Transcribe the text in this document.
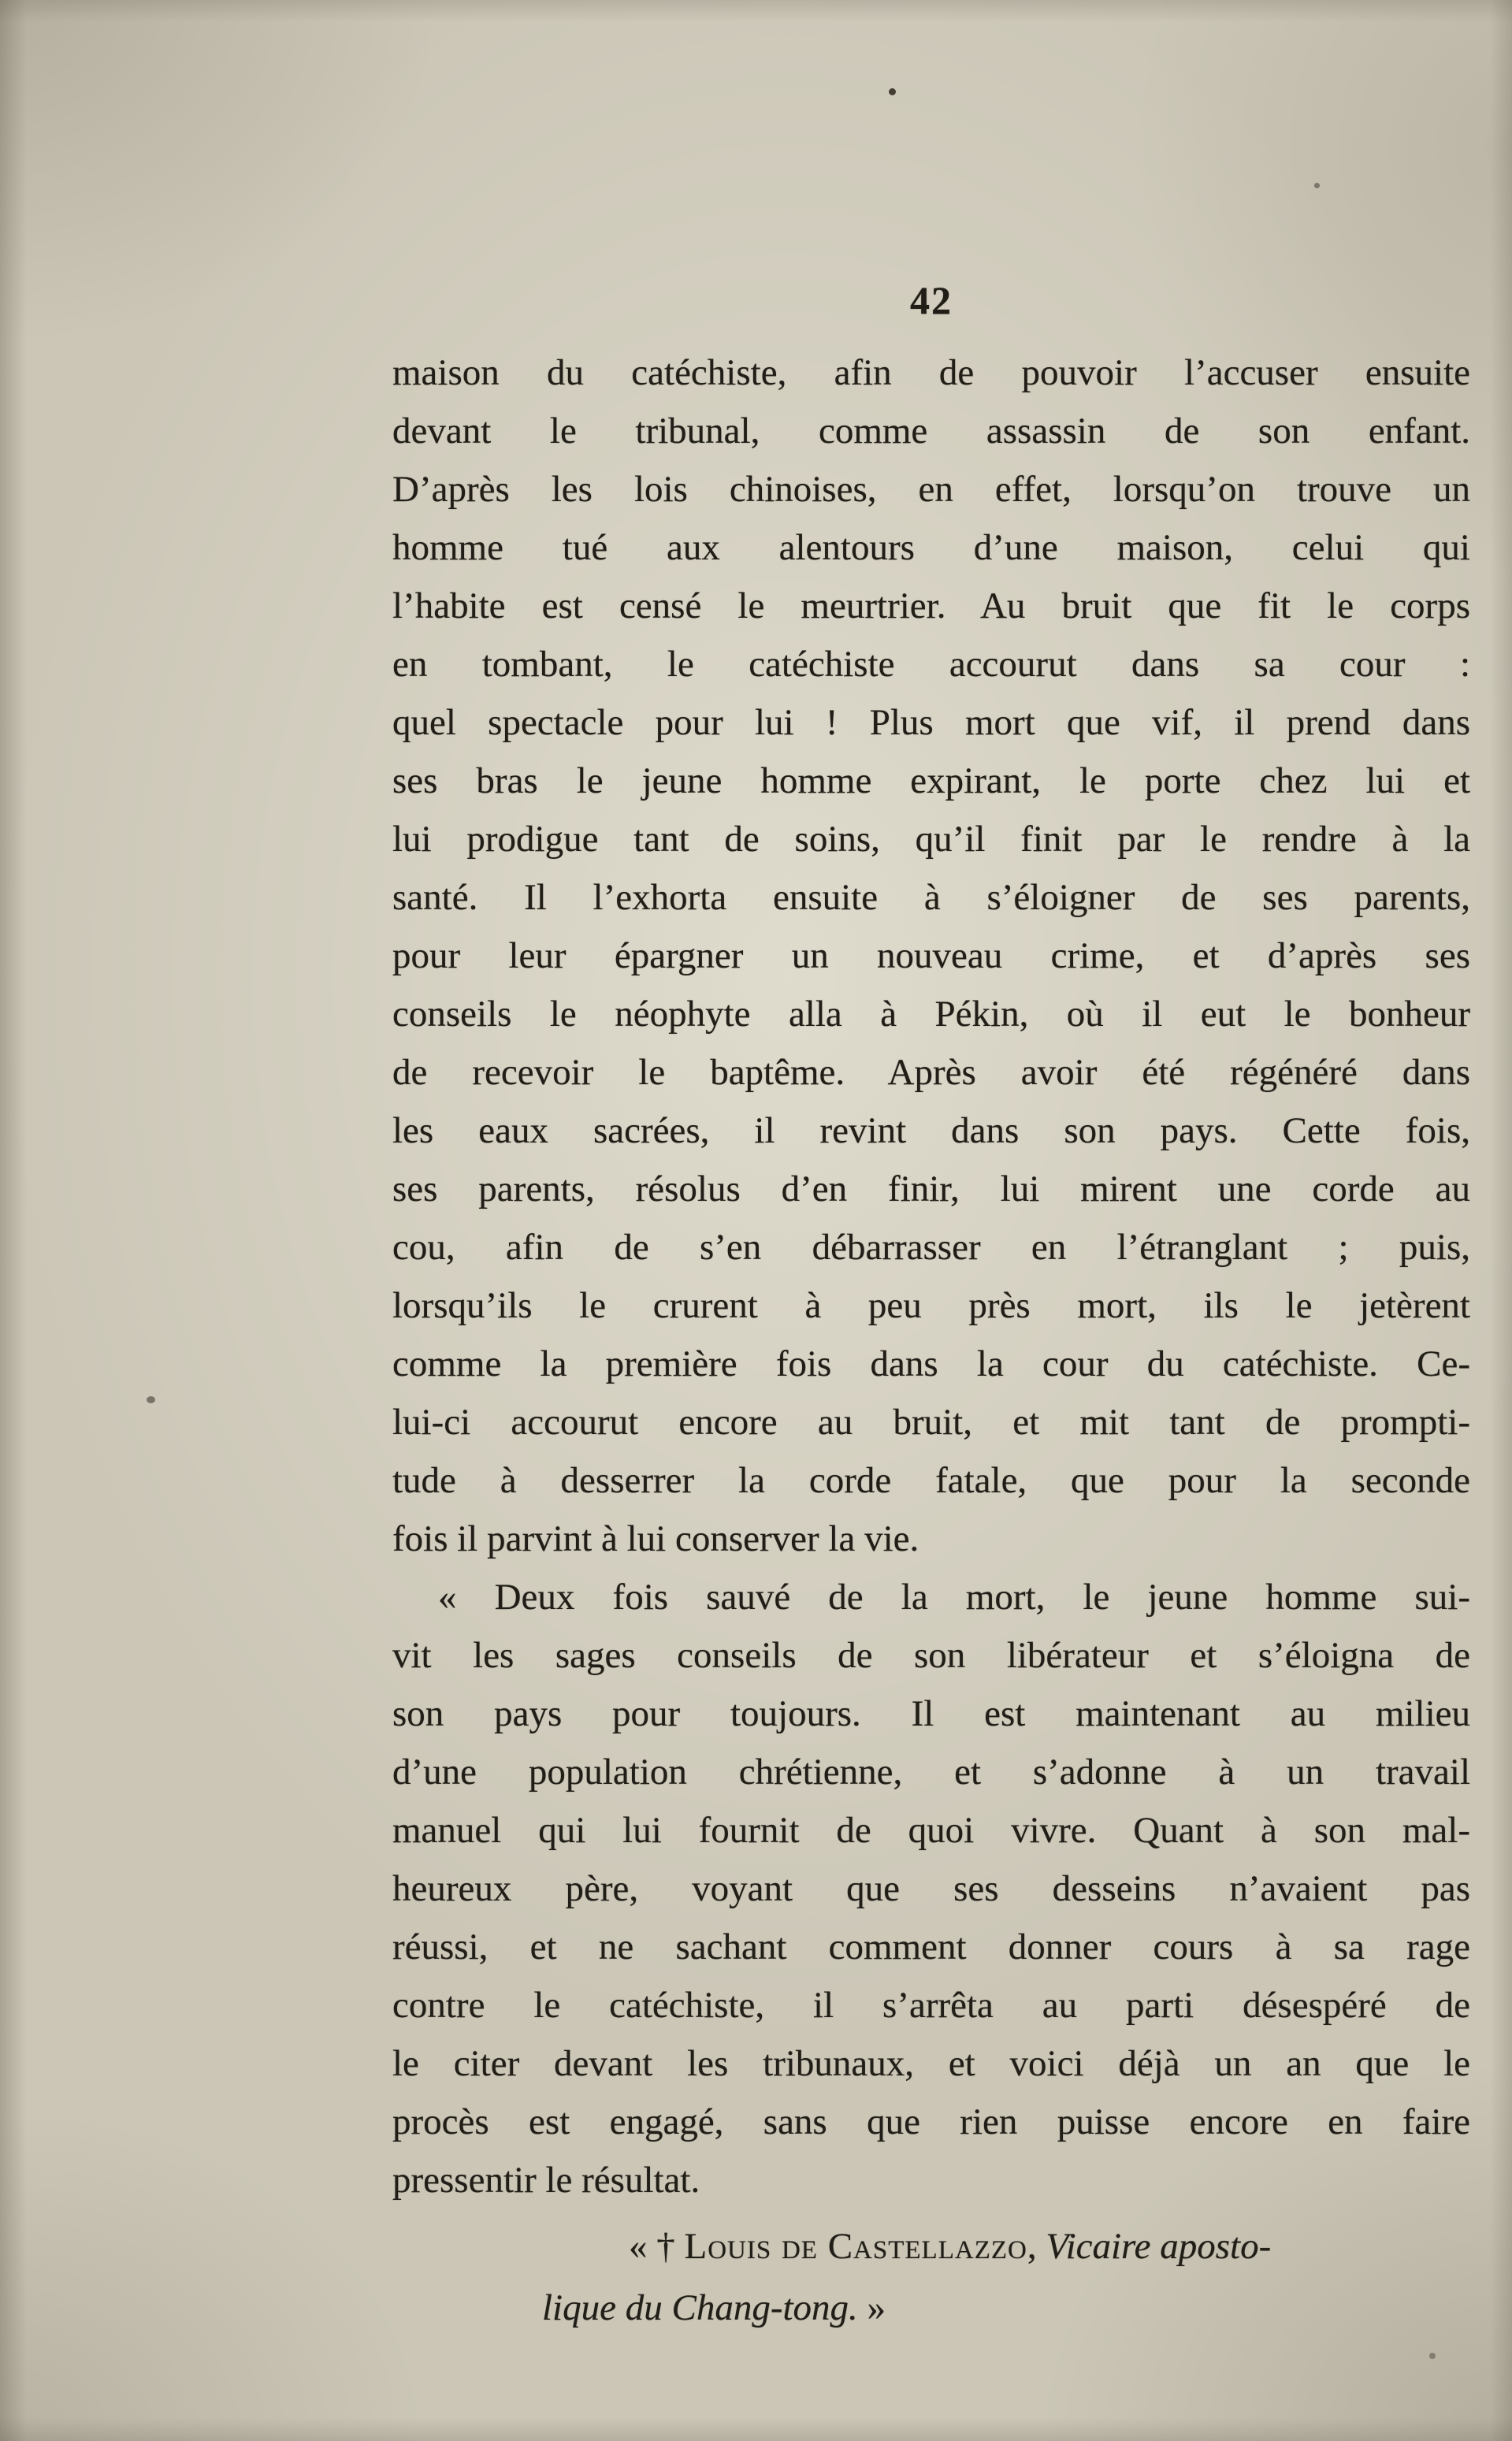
42
maison du catéchiste, afin de pouvoir l’accuser ensuite
devant le tribunal, comme assassin de son enfant.
D’après les lois chinoises, en effet, lorsqu’on trouve un
homme tué aux alentours d’une maison, celui qui
l’habite est censé le meurtrier. Au bruit que fit le corps
en tombant, le catéchiste accourut dans sa cour :
quel spectacle pour lui ! Plus mort que vif, il prend dans
ses bras le jeune homme expirant, le porte chez lui et
lui prodigue tant de soins, qu’il finit par le rendre à la
santé. Il l’exhorta ensuite à s’éloigner de ses parents,
pour leur épargner un nouveau crime, et d’après ses
conseils le néophyte alla à Pékin, où il eut le bonheur
de recevoir le baptême. Après avoir été régénéré dans
les eaux sacrées, il revint dans son pays. Cette fois,
ses parents, résolus d’en finir, lui mirent une corde au
cou, afin de s’en débarrasser en l’étranglant ; puis,
lorsqu’ils le crurent à peu près mort, ils le jetèrent
comme la première fois dans la cour du catéchiste. Ce-
lui-ci accourut encore au bruit, et mit tant de prompti-
tude à desserrer la corde fatale, que pour la seconde
fois il parvint à lui conserver la vie.
« Deux fois sauvé de la mort, le jeune homme sui-
vit les sages conseils de son libérateur et s’éloigna de
son pays pour toujours. Il est maintenant au milieu
d’une population chrétienne, et s’adonne à un travail
manuel qui lui fournit de quoi vivre. Quant à son mal-
heureux père, voyant que ses desseins n’avaient pas
réussi, et ne sachant comment donner cours à sa rage
contre le catéchiste, il s’arrêta au parti désespéré de
le citer devant les tribunaux, et voici déjà un an que le
procès est engagé, sans que rien puisse encore en faire
pressentir le résultat.
« † Louis de Castellazzo, Vicaire aposto-
lique du Chang-tong. »
